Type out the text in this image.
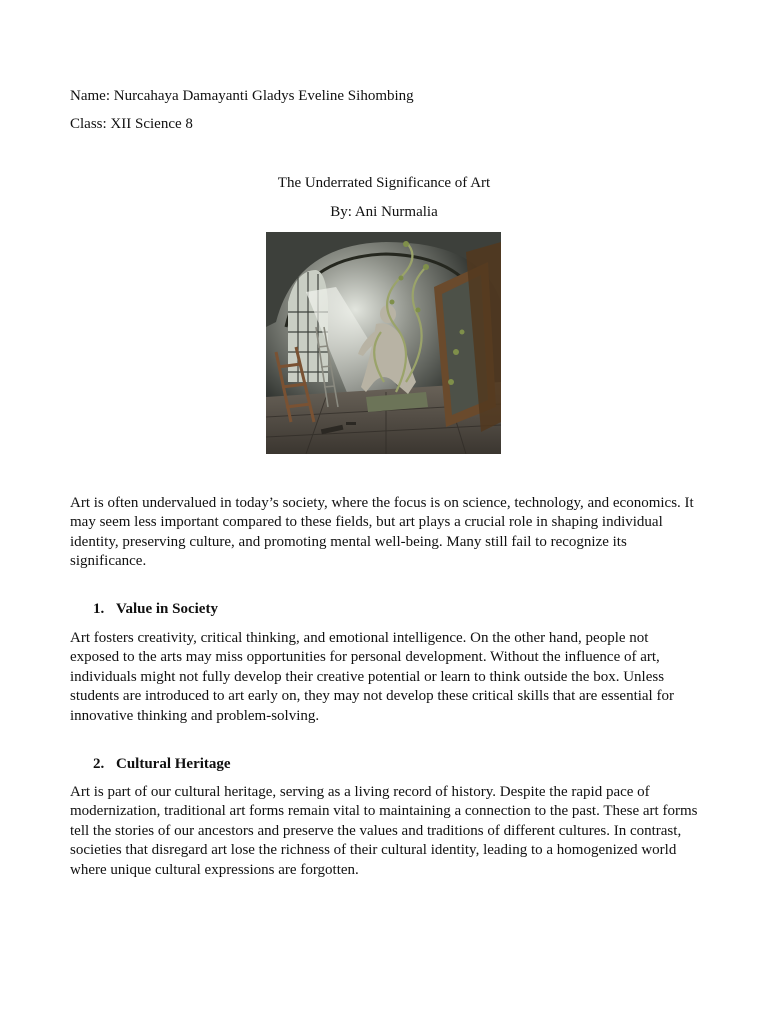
Name: Nurcahaya Damayanti Gladys Eveline Sihombing

Class: XII Science 8

The Underrated Significance of Art

By: Ani Nurmalia

Art is often undervalued in today’s society, where the focus is on science, technology, and economics. It may seem less important compared to these fields, but art plays a crucial role in shaping individual identity, preserving culture, and promoting mental well-being. Many still fail to recognize its significance.

1. Value in Society

Art fosters creativity, critical thinking, and emotional intelligence. On the other hand, people not exposed to the arts may miss opportunities for personal development. Without the influence of art, individuals might not fully develop their creative potential or learn to think outside the box. Unless students are introduced to art early on, they may not develop these critical skills that are essential for innovative thinking and problem-solving.

2. Cultural Heritage

Art is part of our cultural heritage, serving as a living record of history. Despite the rapid pace of modernization, traditional art forms remain vital to maintaining a connection to the past. These art forms tell the stories of our ancestors and preserve the values and traditions of different cultures. In contrast, societies that disregard art lose the richness of their cultural identity, leading to a homogenized world where unique cultural expressions are forgotten.
